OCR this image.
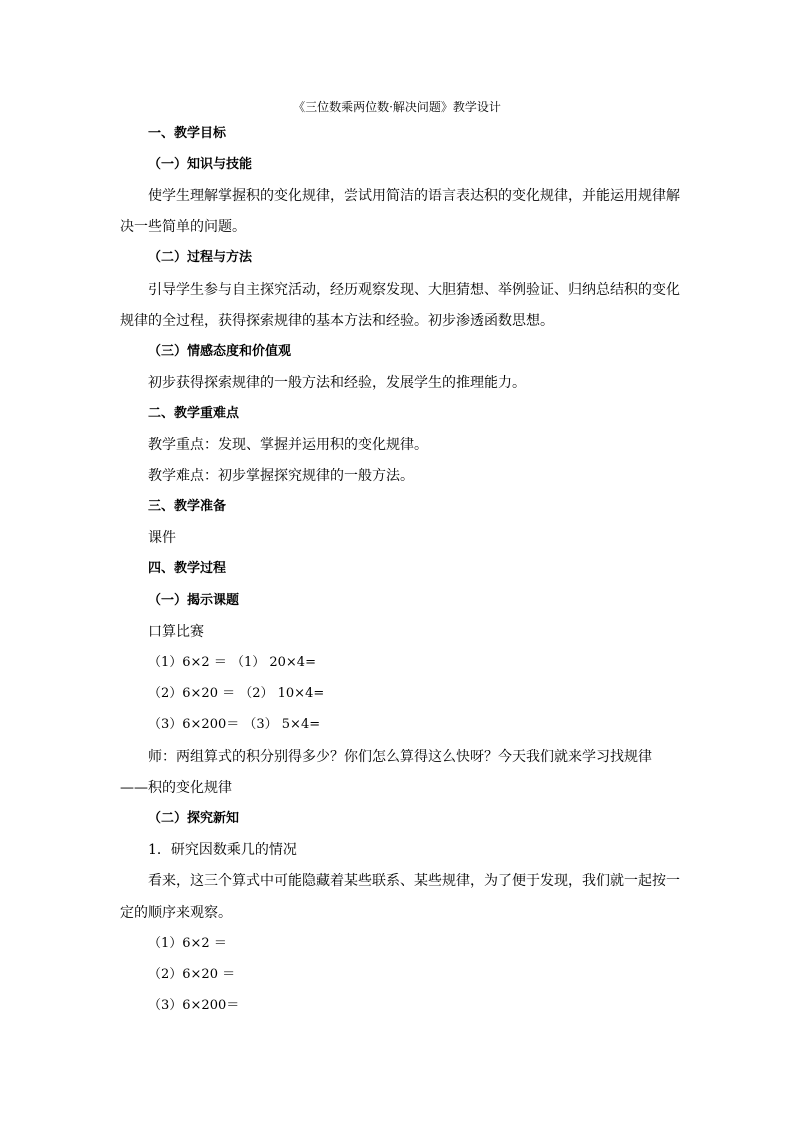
《三位数乘两位数·解决问题》教学设计
一、教学目标
（一）知识与技能
使学生理解掌握积的变化规律，尝试用简洁的语言表达积的变化规律，并能运用规律解
决一些简单的问题。
（二）过程与方法
引导学生参与自主探究活动，经历观察发现、大胆猜想、举例验证、归纳总结积的变化
规律的全过程，获得探索规律的基本方法和经验。初步渗透函数思想。
（三）情感态度和价值观
初步获得探索规律的一般方法和经验，发展学生的推理能力。
二、教学重难点
教学重点：发现、掌握并运用积的变化规律。
教学难点：初步掌握探究规律的一般方法。
三、教学准备
课件
四、教学过程
（一）揭示课题
口算比赛
（1）6×2 ＝ （1） 20×4=
（2）6×20 ＝ （2） 10×4=
（3）6×200＝ （3） 5×4=
师：两组算式的积分别得多少？你们怎么算得这么快呀？今天我们就来学习找规律
——积的变化规律
（二）探究新知
1．研究因数乘几的情况
看来，这三个算式中可能隐藏着某些联系、某些规律，为了便于发现，我们就一起按一
定的顺序来观察。
（1）6×2 ＝
（2）6×20 ＝
（3）6×200＝
